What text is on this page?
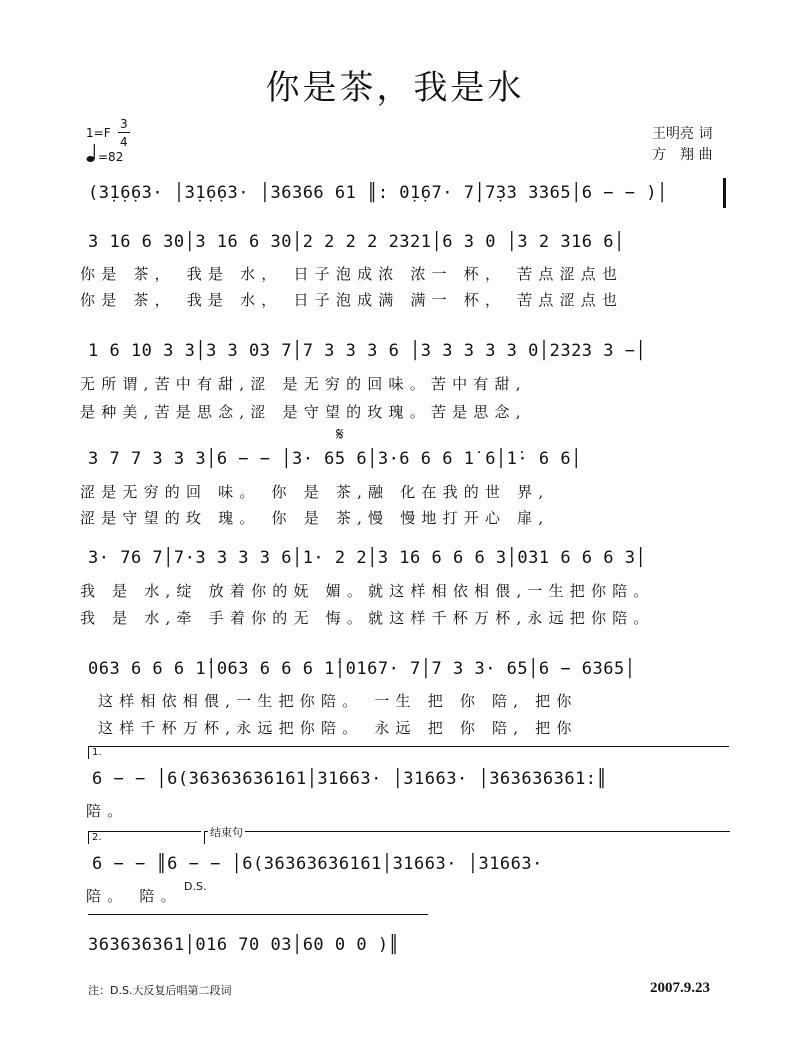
你是茶，我是水
1=F
3
4
=82
王明亮 词
方　翔 曲
(3̣1̣6̣63· │3̣1̣6̣63· │36366 61 ║: 0̣1̣67· 7̣│7̣33 3365│6 − − )│
3 16 6 30│3 16 6 30│2 2 2 2 2321│6 3 0 │3 2 316 6│
你是 茶， 我是 水， 日子泡成浓 浓一 杯， 苦点涩点也
你是 茶， 我是 水， 日子泡成满 满一 杯， 苦点涩点也
1 6 10 3 3│3 3 03 7│7 3 3 3 6 │3 3 3 3 3 0│2323 3 −│
无所谓,苦中有甜,涩 是无穷的回味。苦中有甜,
是种美,苦是思念,涩 是守望的玫瑰。苦是思念,
𝄋
3 7 7 3 3 3│6 − − │3· 65 6│3·6 6 6 1̇ 6│1̇· 6 6│
涩是无穷的回 味。 你 是 茶,融 化在我的世 界,
涩是守望的玫 瑰。 你 是 茶,慢 慢地打开心 扉,
3· 76 7│7·3 3 3 3 6│1· 2 2│3 16 6 6 6 3│031 6 6 6 3│
我 是 水,绽 放着你的妩 媚。就这样相依相偎,一生把你陪。
我 是 水,牵 手着你的无 悔。就这样千杯万杯,永远把你陪。
063 6 6 6 1̇│063 6 6 6 1̇│0167· 7│7 3 3· 65│6 − 6365│
这样相依相偎,一生把你陪。 一生 把 你 陪, 把你
这样千杯万杯,永远把你陪。 永远 把 你 陪, 把你
1.
6 − − │6(36363636161│31663· │31663· │363636361:║
陪。
2.	结束句
6 − − ║6 − − │6(36363636161│31663· │31663·
陪。 陪。
D.S.
363636361│016 70 03│60 0 0 )║
注：D.S.大反复后唱第二段词	2007.9.23
